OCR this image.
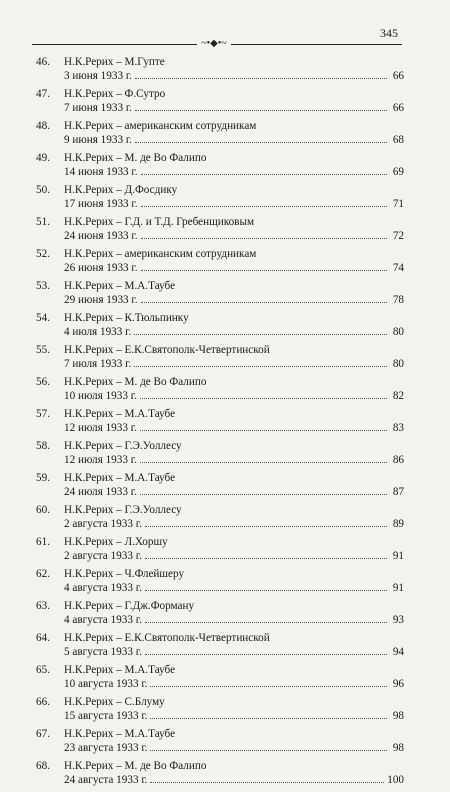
345
~•◆•~
46.	Н.К.Рерих – М.Гупте
3 июня 1933 г.	66
47.	Н.К.Рерих – Ф.Сутро
7 июня 1933 г.	66
48.	Н.К.Рерих – американским сотрудникам
9 июня 1933 г.	68
49.	Н.К.Рерих – М. де Во Фалипо
14 июня 1933 г.	69
50.	Н.К.Рерих – Д.Фосдику
17 июня 1933 г.	71
51.	Н.К.Рерих – Г.Д. и Т.Д. Гребенщиковым
24 июня 1933 г.	72
52.	Н.К.Рерих – американским сотрудникам
26 июня 1933 г.	74
53.	Н.К.Рерих – М.А.Таубе
29 июня 1933 г.	78
54.	Н.К.Рерих – К.Тюльпинку
4 июля 1933 г.	80
55.	Н.К.Рерих – Е.К.Святополк-Четвертинской
7 июля 1933 г.	80
56.	Н.К.Рерих – М. де Во Фалипо
10 июля 1933 г.	82
57.	Н.К.Рерих – М.А.Таубе
12 июля 1933 г.	83
58.	Н.К.Рерих – Г.Э.Уоллесу
12 июля 1933 г.	86
59.	Н.К.Рерих – М.А.Таубе
24 июля 1933 г.	87
60.	Н.К.Рерих – Г.Э.Уоллесу
2 августа 1933 г.	89
61.	Н.К.Рерих – Л.Хоршу
2 августа 1933 г.	91
62.	Н.К.Рерих – Ч.Флейшеру
4 августа 1933 г.	91
63.	Н.К.Рерих – Г.Дж.Форману
4 августа 1933 г.	93
64.	Н.К.Рерих – Е.К.Святополк-Четвертинской
5 августа 1933 г.	94
65.	Н.К.Рерих – М.А.Таубе
10 августа 1933 г.	96
66.	Н.К.Рерих – С.Блуму
15 августа 1933 г.	98
67.	Н.К.Рерих – М.А.Таубе
23 августа 1933 г.	98
68.	Н.К.Рерих – М. де Во Фалипо
24 августа 1933 г.	100
